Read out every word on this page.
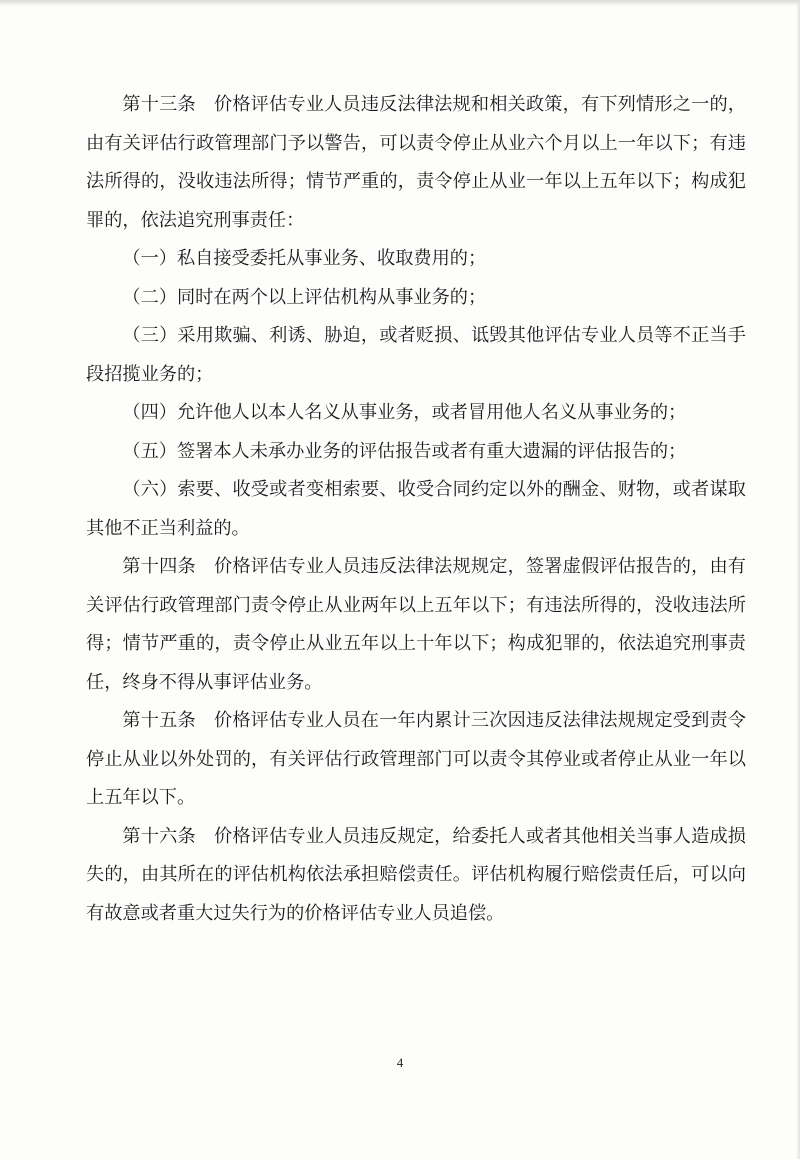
第十三条 价格评估专业人员违反法律法规和相关政策，有下列情形之一的，由有关评估行政管理部门予以警告，可以责令停止从业六个月以上一年以下；有违法所得的，没收违法所得；情节严重的，责令停止从业一年以上五年以下；构成犯罪的，依法追究刑事责任：

（一）私自接受委托从事业务、收取费用的；

（二）同时在两个以上评估机构从事业务的；

（三）采用欺骗、利诱、胁迫，或者贬损、诋毁其他评估专业人员等不正当手段招揽业务的；

（四）允许他人以本人名义从事业务，或者冒用他人名义从事业务的；

（五）签署本人未承办业务的评估报告或者有重大遗漏的评估报告的；

（六）索要、收受或者变相索要、收受合同约定以外的酬金、财物，或者谋取其他不正当利益的。

第十四条 价格评估专业人员违反法律法规规定，签署虚假评估报告的，由有关评估行政管理部门责令停止从业两年以上五年以下；有违法所得的，没收违法所得；情节严重的，责令停止从业五年以上十年以下；构成犯罪的，依法追究刑事责任，终身不得从事评估业务。

第十五条 价格评估专业人员在一年内累计三次因违反法律法规规定受到责令停止从业以外处罚的，有关评估行政管理部门可以责令其停业或者停止从业一年以上五年以下。

第十六条 价格评估专业人员违反规定，给委托人或者其他相关当事人造成损失的，由其所在的评估机构依法承担赔偿责任。评估机构履行赔偿责任后，可以向有故意或者重大过失行为的价格评估专业人员追偿。

4
